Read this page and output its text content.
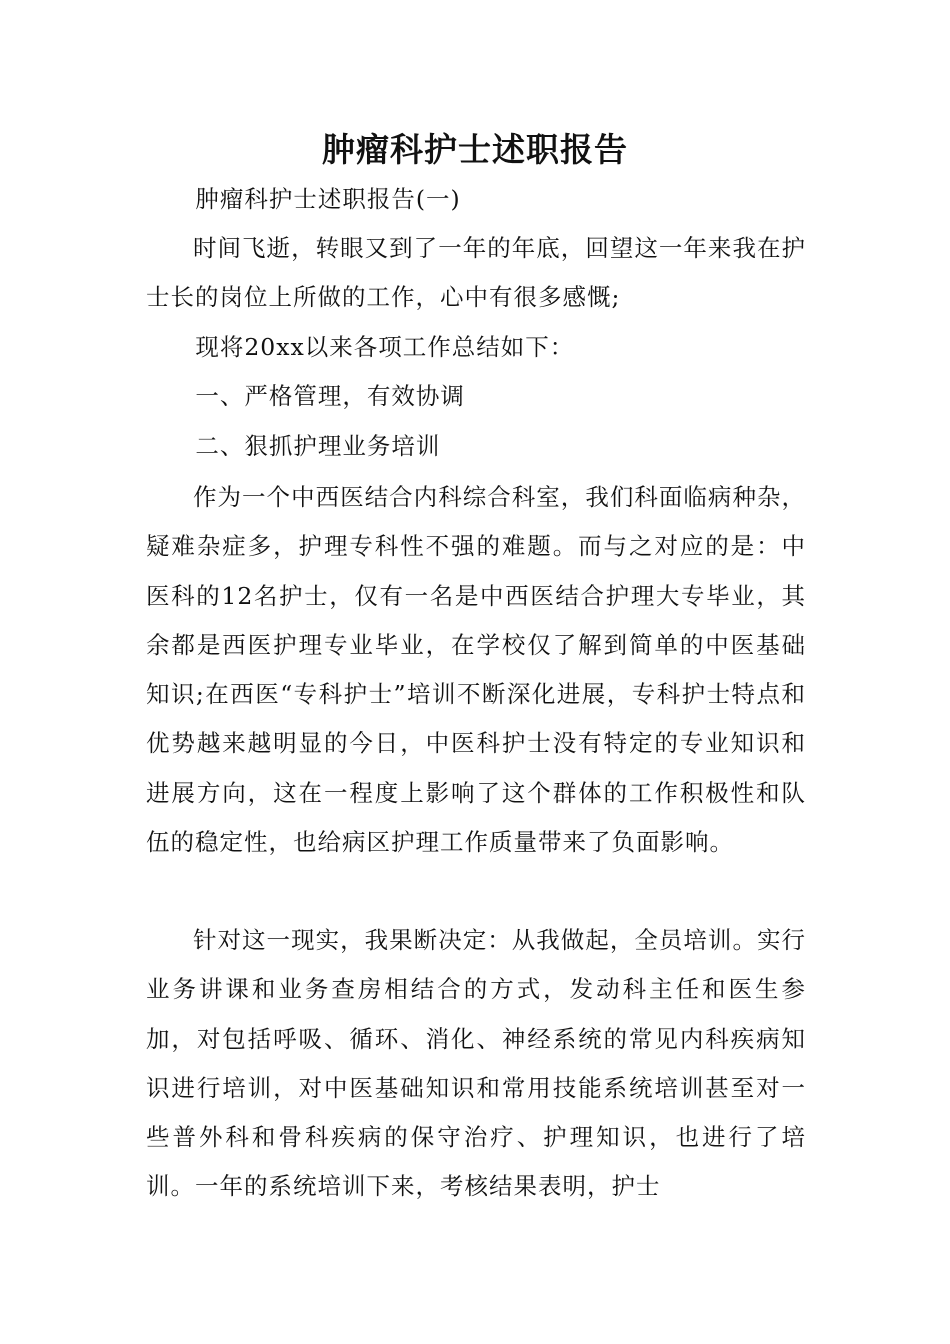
肿瘤科护士述职报告
肿瘤科护士述职报告(一)
时间飞逝，转眼又到了一年的年底，回望这一年来我在护士长的岗位上所做的工作，心中有很多感慨;
现将20xx以来各项工作总结如下：
一、严格管理，有效协调
二、狠抓护理业务培训
作为一个中西医结合内科综合科室，我们科面临病种杂，疑难杂症多，护理专科性不强的难题。而与之对应的是：中医科的12名护士，仅有一名是中西医结合护理大专毕业，其余都是西医护理专业毕业，在学校仅了解到简单的中医基础知识;在西医“专科护士”培训不断深化进展，专科护士特点和优势越来越明显的今日，中医科护士没有特定的专业知识和进展方向，这在一程度上影响了这个群体的工作积极性和队伍的稳定性，也给病区护理工作质量带来了负面影响。
针对这一现实，我果断决定：从我做起，全员培训。实行业务讲课和业务查房相结合的方式，发动科主任和医生参加，对包括呼吸、循环、消化、神经系统的常见内科疾病知识进行培训，对中医基础知识和常用技能系统培训甚至对一些普外科和骨科疾病的保守治疗、护理知识，也进行了培训。一年的系统培训下来，考核结果表明，护士
